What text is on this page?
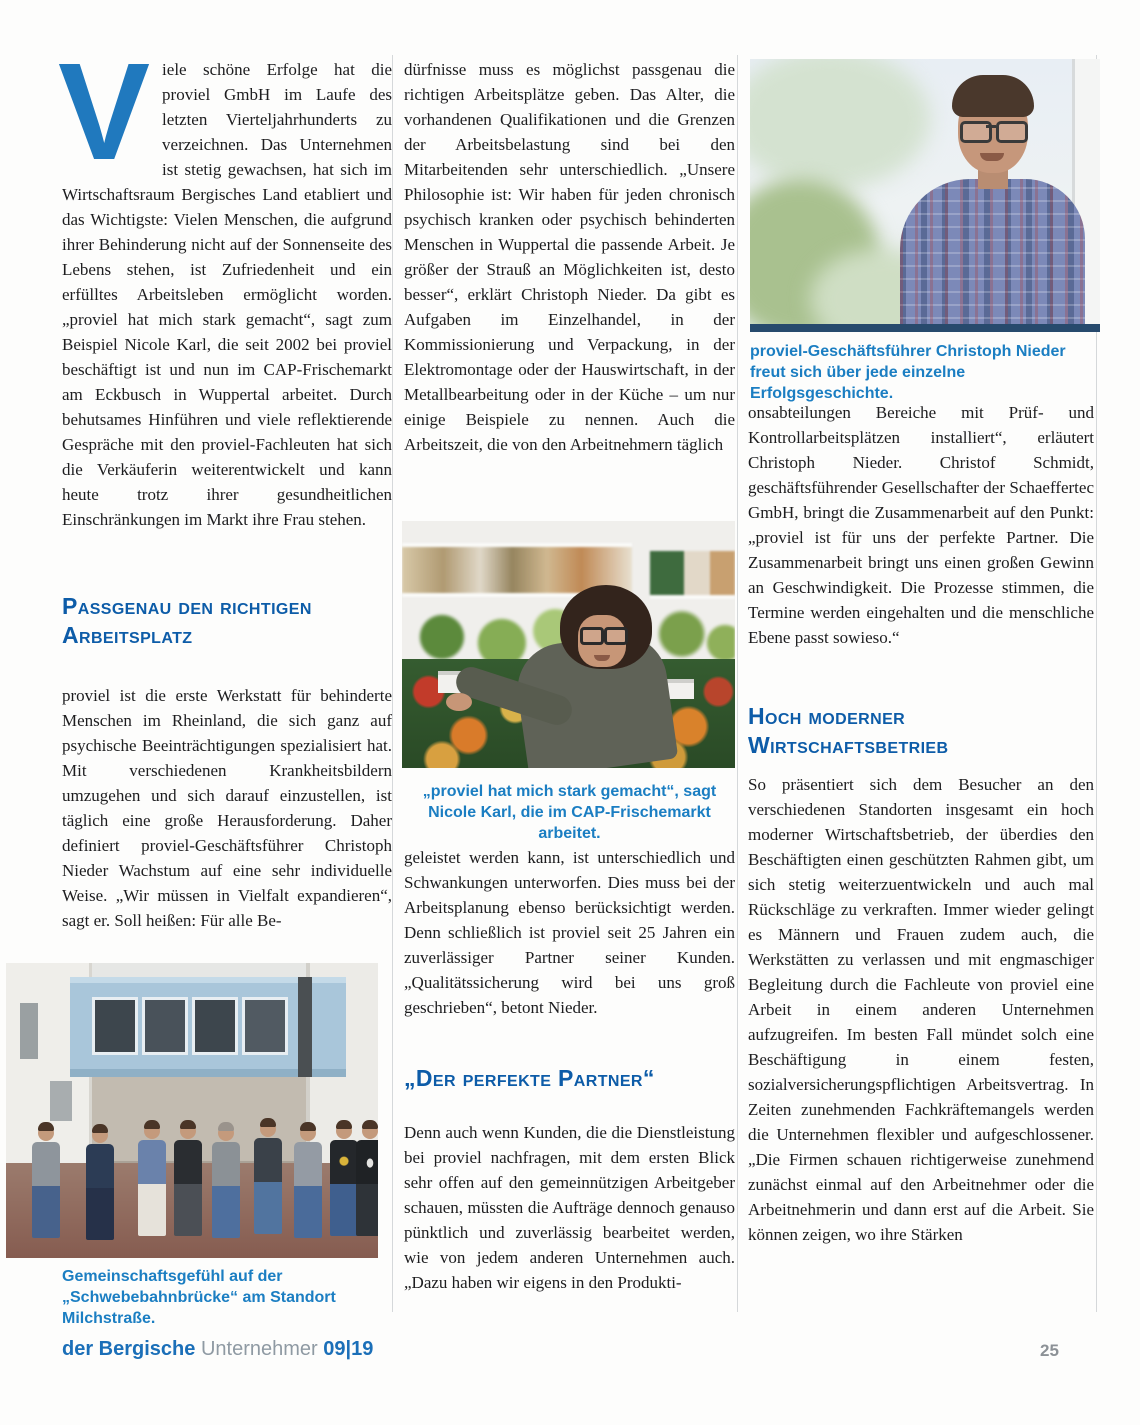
Viele schöne Erfolge hat die proviel GmbH im Laufe des letzten Vierteljahrhunderts zu verzeichnen. Das Unternehmen ist stetig gewachsen, hat sich im Wirtschaftsraum Bergisches Land etabliert und das Wichtigste: Vielen Menschen, die aufgrund ihrer Behinderung nicht auf der Sonnenseite des Lebens stehen, ist Zufriedenheit und ein erfülltes Arbeitsleben ermöglicht worden. „proviel hat mich stark gemacht“, sagt zum Beispiel Nicole Karl, die seit 2002 bei proviel beschäftigt ist und nun im CAP-Frischemarkt am Eckbusch in Wuppertal arbeitet. Durch behutsames Hinführen und viele reflektierende Gespräche mit den proviel-Fachleuten hat sich die Verkäuferin weiterentwickelt und kann heute trotz ihrer gesundheitlichen Einschränkungen im Markt ihre Frau stehen.
Passgenau den richtigen Arbeitsplatz
proviel ist die erste Werkstatt für behinderte Menschen im Rheinland, die sich ganz auf psychische Beeinträchtigungen spezialisiert hat. Mit verschiedenen Krankheitsbildern umzugehen und sich darauf einzustellen, ist täglich eine große Herausforderung. Daher definiert proviel-Geschäftsführer Christoph Nieder Wachstum auf eine sehr individuelle Weise. „Wir müssen in Vielfalt expandieren“, sagt er. Soll heißen: Für alle Be-
Gemeinschaftsgefühl auf der „Schwebebahnbrücke“ am Standort Milchstraße.
dürfnisse muss es möglichst passgenau die richtigen Arbeitsplätze geben. Das Alter, die vorhandenen Qualifikationen und die Grenzen der Arbeitsbelastung sind bei den Mitarbeitenden sehr unterschiedlich. „Unsere Philosophie ist: Wir haben für jeden chronisch psychisch kranken oder psychisch behinderten Menschen in Wuppertal die passende Arbeit. Je größer der Strauß an Möglichkeiten ist, desto besser“, erklärt Christoph Nieder. Da gibt es Aufgaben im Einzelhandel, in der Kommissionierung und Verpackung, in der Elektromontage oder der Hauswirtschaft, in der Metallbearbeitung oder in der Küche – um nur einige Beispiele zu nennen. Auch die Arbeitszeit, die von den Arbeitnehmern täglich
„proviel hat mich stark gemacht“, sagt Nicole Karl, die im CAP-Frischemarkt arbeitet.
geleistet werden kann, ist unterschiedlich und Schwankungen unterworfen. Dies muss bei der Arbeitsplanung ebenso berücksichtigt werden. Denn schließlich ist proviel seit 25 Jahren ein zuverlässiger Partner seiner Kunden. „Qualitätssicherung wird bei uns groß geschrieben“, betont Nieder.
„Der perfekte Partner“
Denn auch wenn Kunden, die die Dienstleistung bei proviel nachfragen, mit dem ersten Blick sehr offen auf den gemeinnützigen Arbeitgeber schauen, müssten die Aufträge dennoch genauso pünktlich und zuverlässig bearbeitet werden, wie von jedem anderen Unternehmen auch. „Dazu haben wir eigens in den Produkti-
proviel-Geschäftsführer Christoph Nieder freut sich über jede einzelne Erfolgsgeschichte.
onsabteilungen Bereiche mit Prüf- und Kontrollarbeitsplätzen installiert“, erläutert Christoph Nieder. Christof Schmidt, geschäftsführender Gesellschafter der Schaeffertec GmbH, bringt die Zusammenarbeit auf den Punkt: „proviel ist für uns der perfekte Partner. Die Zusammenarbeit bringt uns einen großen Gewinn an Geschwindigkeit. Die Prozesse stimmen, die Termine werden eingehalten und die menschliche Ebene passt sowieso.“
Hoch moderner Wirtschaftsbetrieb
So präsentiert sich dem Besucher an den verschiedenen Standorten insgesamt ein hoch moderner Wirtschaftsbetrieb, der überdies den Beschäftigten einen geschützten Rahmen gibt, um sich stetig weiterzuentwickeln und auch mal Rückschläge zu verkraften. Immer wieder gelingt es Männern und Frauen zudem auch, die Werkstätten zu verlassen und mit engmaschiger Begleitung durch die Fachleute von proviel eine Arbeit in einem anderen Unternehmen aufzugreifen. Im besten Fall mündet solch eine Beschäftigung in einem festen, sozialversicherungspflichtigen Arbeitsvertrag. In Zeiten zunehmenden Fachkräftemangels werden die Unternehmen flexibler und aufgeschlossener. „Die Firmen schauen richtigerweise zunehmend zunächst einmal auf den Arbeitnehmer oder die Arbeitnehmerin und dann erst auf die Arbeit. Sie können zeigen, wo ihre Stärken
der Bergische Unternehmer 09|19	25
